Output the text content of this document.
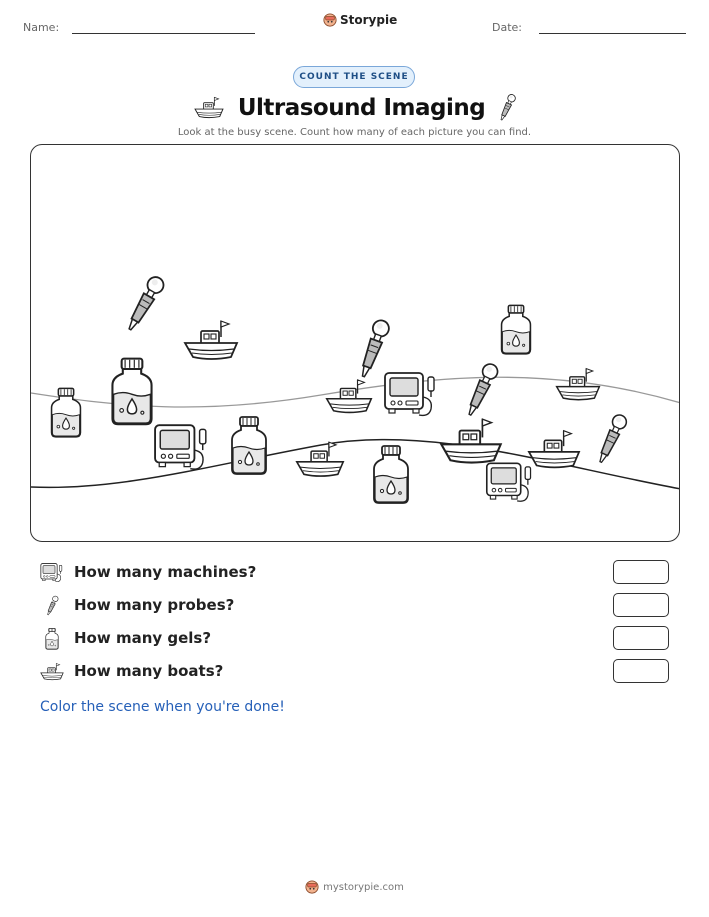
Name:
Storypie
Date:
COUNT THE SCENE
Ultrasound Imaging
Look at the busy scene. Count how many of each picture you can find.
How many machines?
How many probes?
How many gels?
How many boats?
Color the scene when you're done!
mystorypie.com
